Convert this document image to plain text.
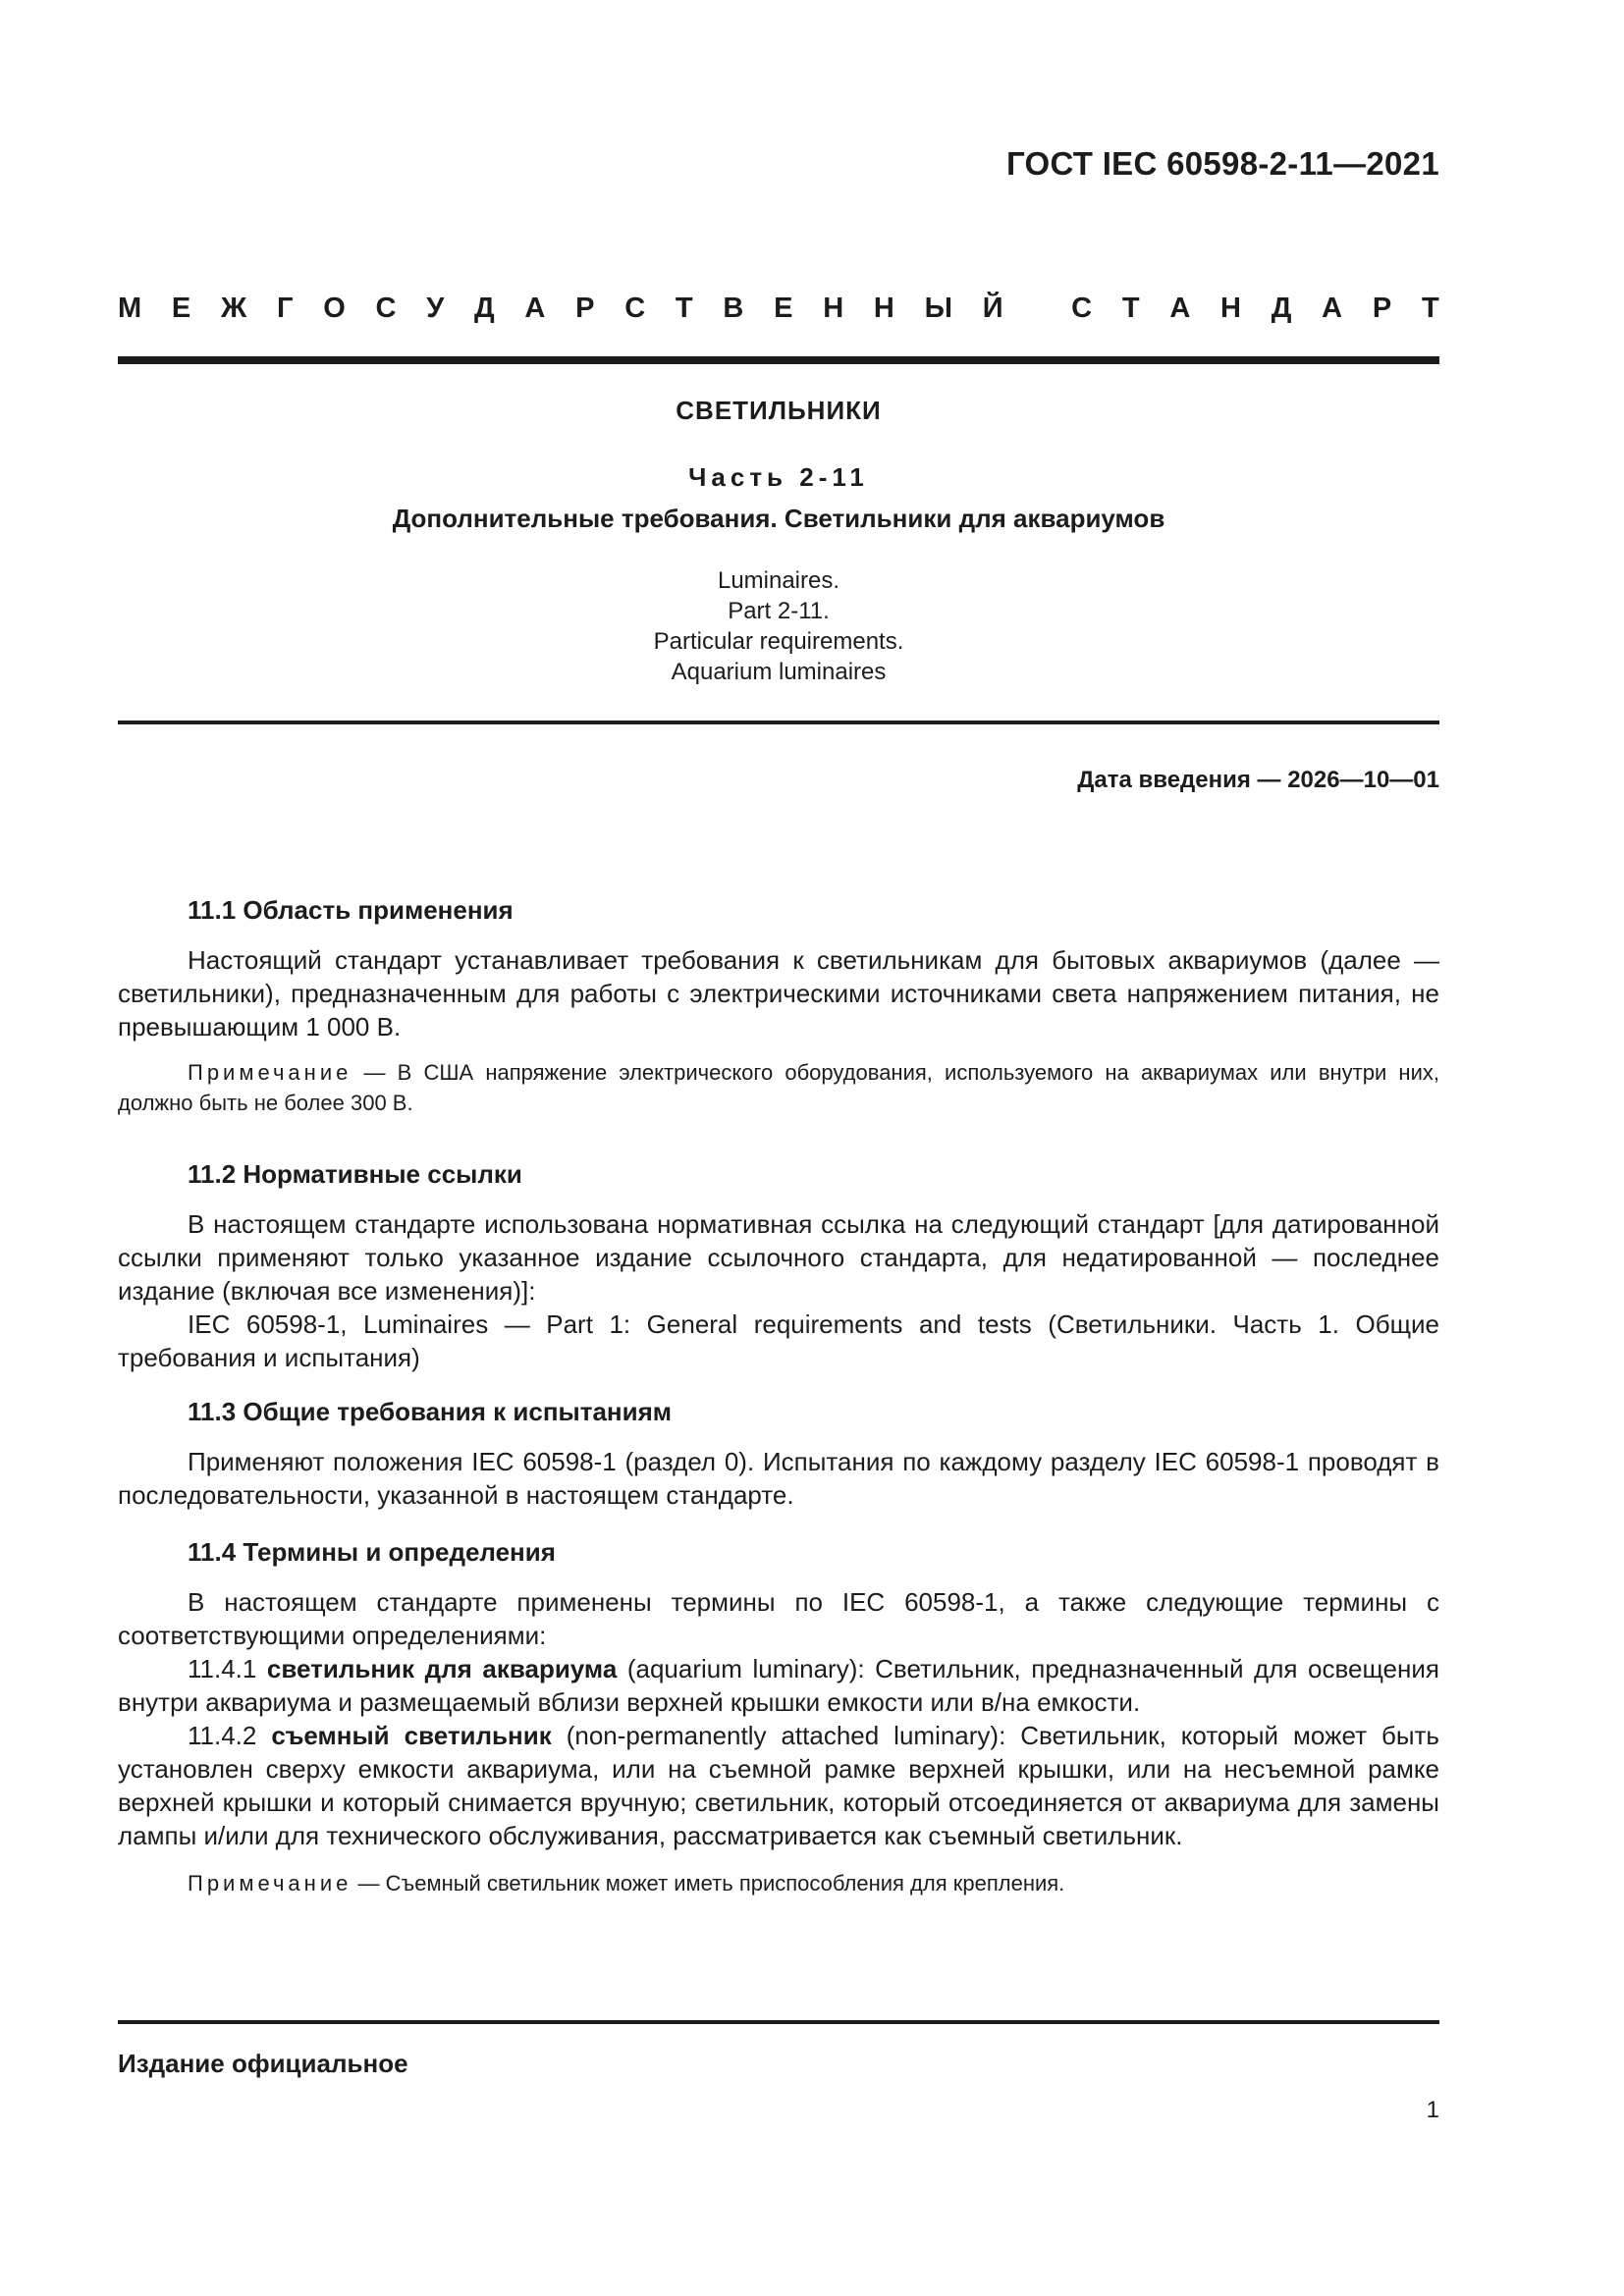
ГОСТ IEC 60598-2-11—2021
М Е Ж Г О С У Д А Р С Т В Е Н Н Ы Й
С Т А Н Д А Р Т
СВЕТИЛЬНИКИ
Часть 2-11
Дополнительные требования. Светильники для аквариумов
Luminaires.
Part 2-11.
Particular requirements.
Aquarium luminaires
Дата введения — 2026—10—01
11.1 Область применения
Настоящий стандарт устанавливает требования к светильникам для бытовых аквариумов (далее — светильники), предназначенным для работы с электрическими источниками света напряжением питания, не превышающим 1 000 В.
Примечание — В США напряжение электрического оборудования, используемого на аквариумах или внутри них, должно быть не более 300 В.
11.2 Нормативные ссылки
В настоящем стандарте использована нормативная ссылка на следующий стандарт [для датированной ссылки применяют только указанное издание ссылочного стандарта, для недатированной — последнее издание (включая все изменения)]:
IEC 60598-1, Luminaires — Part 1: General requirements and tests (Светильники. Часть 1. Общие требования и испытания)
11.3 Общие требования к испытаниям
Применяют положения IEC 60598-1 (раздел 0). Испытания по каждому разделу IEC 60598-1 проводят в последовательности, указанной в настоящем стандарте.
11.4 Термины и определения
В настоящем стандарте применены термины по IEC 60598-1, а также следующие термины с соответствующими определениями:
11.4.1 светильник для аквариума (aquarium luminary): Светильник, предназначенный для освещения внутри аквариума и размещаемый вблизи верхней крышки емкости или в/на емкости.
11.4.2 съемный светильник (non-permanently attached luminary): Светильник, который может быть установлен сверху емкости аквариума, или на съемной рамке верхней крышки, или на несъемной рамке верхней крышки и который снимается вручную; светильник, который отсоединяется от аквариума для замены лампы и/или для технического обслуживания, рассматривается как съемный светильник.
Примечание — Съемный светильник может иметь приспособления для крепления.
Издание официальное
1
